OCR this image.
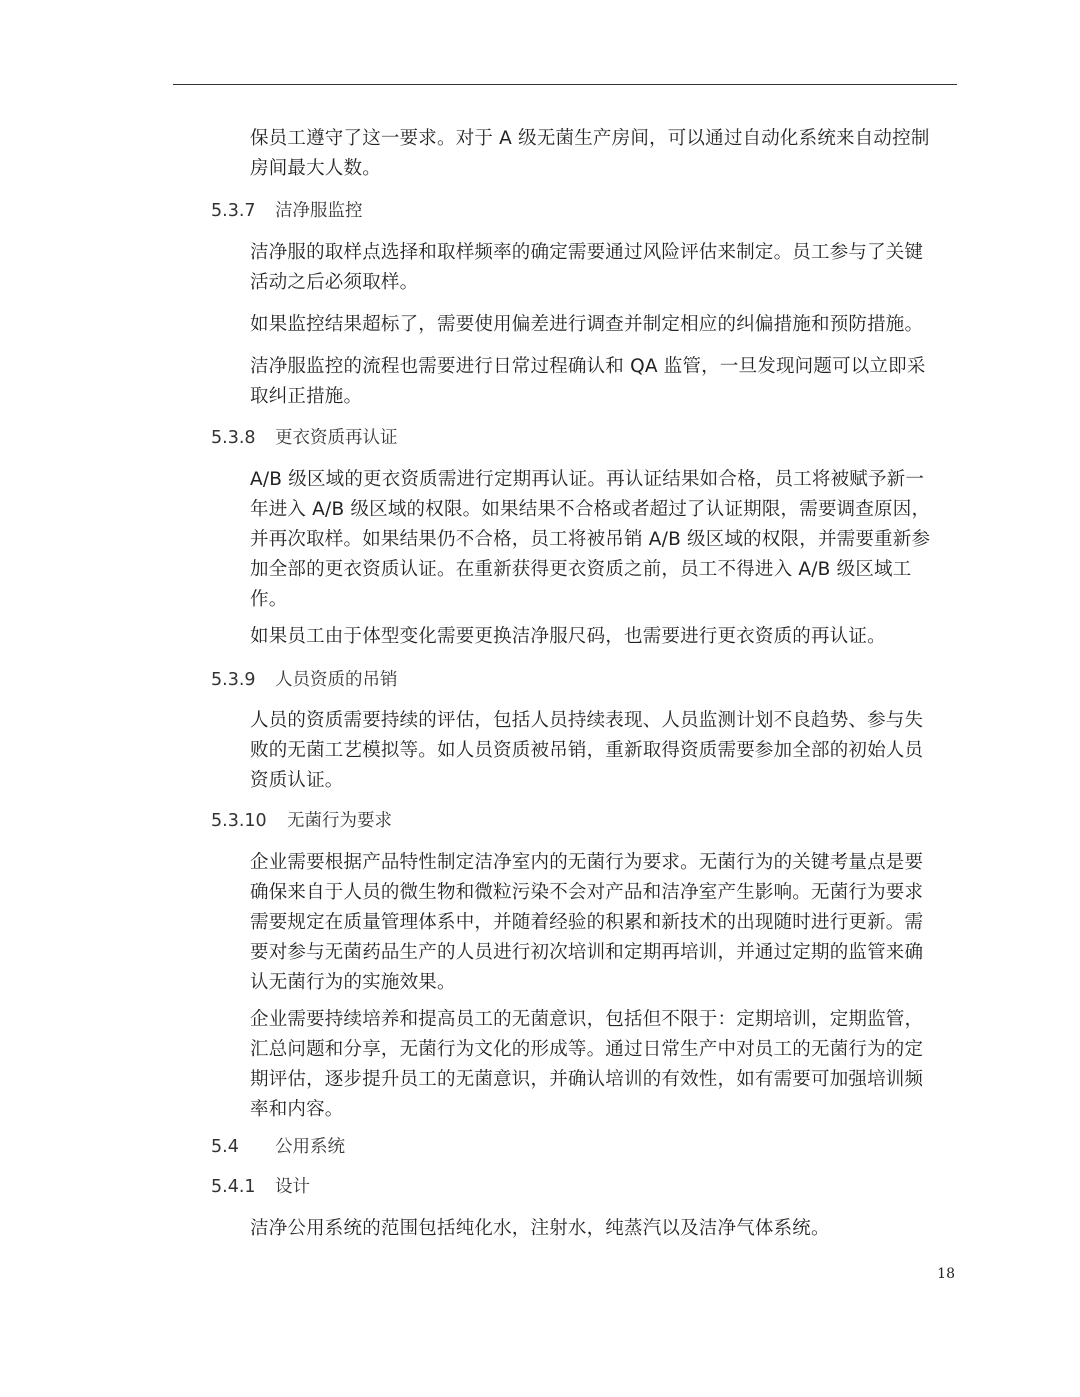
保员工遵守了这一要求。对于 A 级无菌生产房间，可以通过自动化系统来自动控制
房间最大人数。
5.3.7 洁净服监控
洁净服的取样点选择和取样频率的确定需要通过风险评估来制定。员工参与了关键
活动之后必须取样。
如果监控结果超标了，需要使用偏差进行调查并制定相应的纠偏措施和预防措施。
洁净服监控的流程也需要进行日常过程确认和 QA 监管，一旦发现问题可以立即采
取纠正措施。
5.3.8 更衣资质再认证
A/B 级区域的更衣资质需进行定期再认证。再认证结果如合格，员工将被赋予新一
年进入 A/B 级区域的权限。如果结果不合格或者超过了认证期限，需要调查原因，
并再次取样。如果结果仍不合格，员工将被吊销 A/B 级区域的权限，并需要重新参
加全部的更衣资质认证。在重新获得更衣资质之前，员工不得进入 A/B 级区域工
作。
如果员工由于体型变化需要更换洁净服尺码，也需要进行更衣资质的再认证。
5.3.9 人员资质的吊销
人员的资质需要持续的评估，包括人员持续表现、人员监测计划不良趋势、参与失
败的无菌工艺模拟等。如人员资质被吊销，重新取得资质需要参加全部的初始人员
资质认证。
5.3.10 无菌行为要求
企业需要根据产品特性制定洁净室内的无菌行为要求。无菌行为的关键考量点是要
确保来自于人员的微生物和微粒污染不会对产品和洁净室产生影响。无菌行为要求
需要规定在质量管理体系中，并随着经验的积累和新技术的出现随时进行更新。需
要对参与无菌药品生产的人员进行初次培训和定期再培训，并通过定期的监管来确
认无菌行为的实施效果。
企业需要持续培养和提高员工的无菌意识，包括但不限于：定期培训，定期监管，
汇总问题和分享，无菌行为文化的形成等。通过日常生产中对员工的无菌行为的定
期评估，逐步提升员工的无菌意识，并确认培训的有效性，如有需要可加强培训频
率和内容。
5.4 公用系统
5.4.1 设计
洁净公用系统的范围包括纯化水，注射水，纯蒸汽以及洁净气体系统。
18
